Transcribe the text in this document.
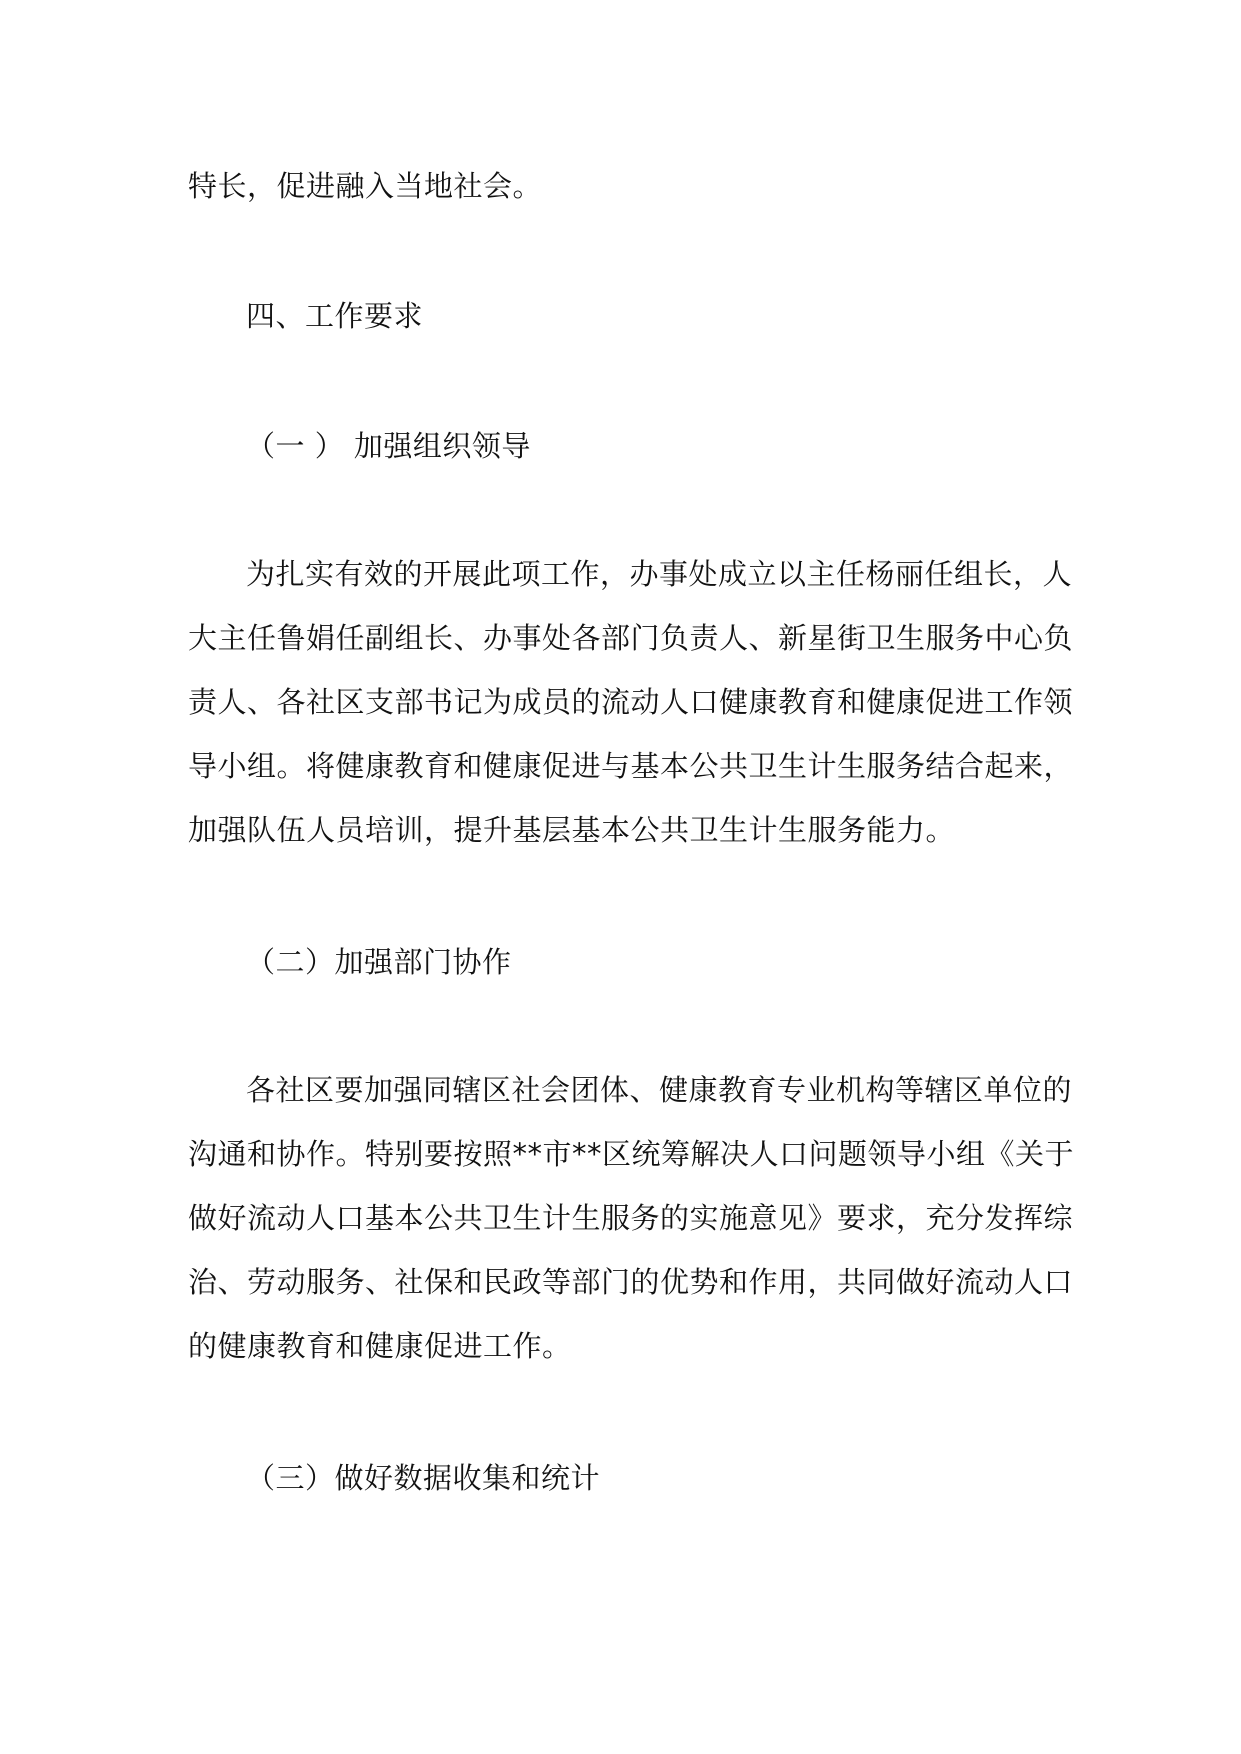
特长，促进融入当地社会。
四、工作要求
（一 ） 加强组织领导
为扎实有效的开展此项工作，办事处成立以主任杨丽任组长，人
大主任鲁娟任副组长、办事处各部门负责人、新星街卫生服务中心负
责人、各社区支部书记为成员的流动人口健康教育和健康促进工作领
导小组。将健康教育和健康促进与基本公共卫生计生服务结合起来，
加强队伍人员培训，提升基层基本公共卫生计生服务能力。
（二）加强部门协作
各社区要加强同辖区社会团体、健康教育专业机构等辖区单位的
沟通和协作。特别要按照**市**区统筹解决人口问题领导小组《关于
做好流动人口基本公共卫生计生服务的实施意见》要求，充分发挥综
治、劳动服务、社保和民政等部门的优势和作用，共同做好流动人口
的健康教育和健康促进工作。
（三）做好数据收集和统计
